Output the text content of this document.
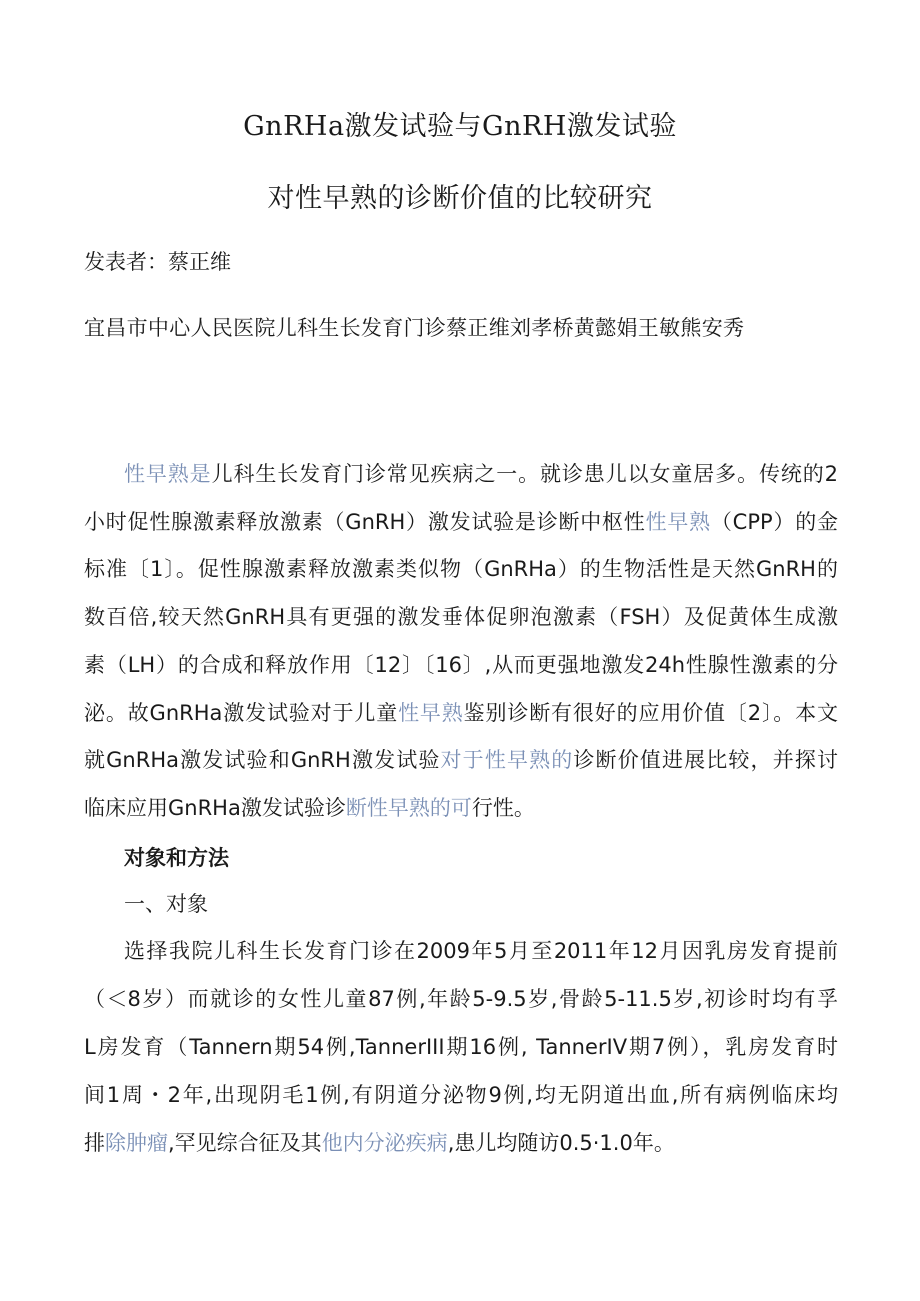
GnRHa激发试验与GnRH激发试验
对性早熟的诊断价值的比较研究
发表者：蔡正维
宜昌市中心人民医院儿科生长发育门诊蔡正维刘孝桥黄懿娟王敏熊安秀
性早熟是儿科生长发育门诊常见疾病之一。就诊患儿以女童居多。传统的2
小时促性腺激素释放激素（GnRH）激发试验是诊断中枢性性早熟（CPP）的金
标准〔1〕。促性腺激素释放激素类似物（GnRHa）的生物活性是天然GnRH的
数百倍,较天然GnRH具有更强的激发垂体促卵泡激素（FSH）及促黄体生成激
素（LH）的合成和释放作用〔12〕〔16〕,从而更强地激发24h性腺性激素的分
泌。故GnRHa激发试验对于儿童性早熟鉴别诊断有很好的应用价值〔2〕。本文
就GnRHa激发试验和GnRH激发试验对于性早熟的诊断价值进展比较，并探讨
临床应用GnRHa激发试验诊断性早熟的可行性。
对象和方法
一、对象
选择我院儿科生长发育门诊在2009年5月至2011年12月因乳房发育提前
（＜8岁）而就诊的女性儿童87例,年龄5-9.5岁,骨龄5-11.5岁,初诊时均有孚
L房发育（Tannern期54例,TannerIII期16例, TannerIV期7例），乳房发育时
间1周・2年,出现阴毛1例,有阴道分泌物9例,均无阴道出血,所有病例临床均
排除肿瘤,罕见综合征及其他内分泌疾病,患儿均随访0.5·1.0年。
